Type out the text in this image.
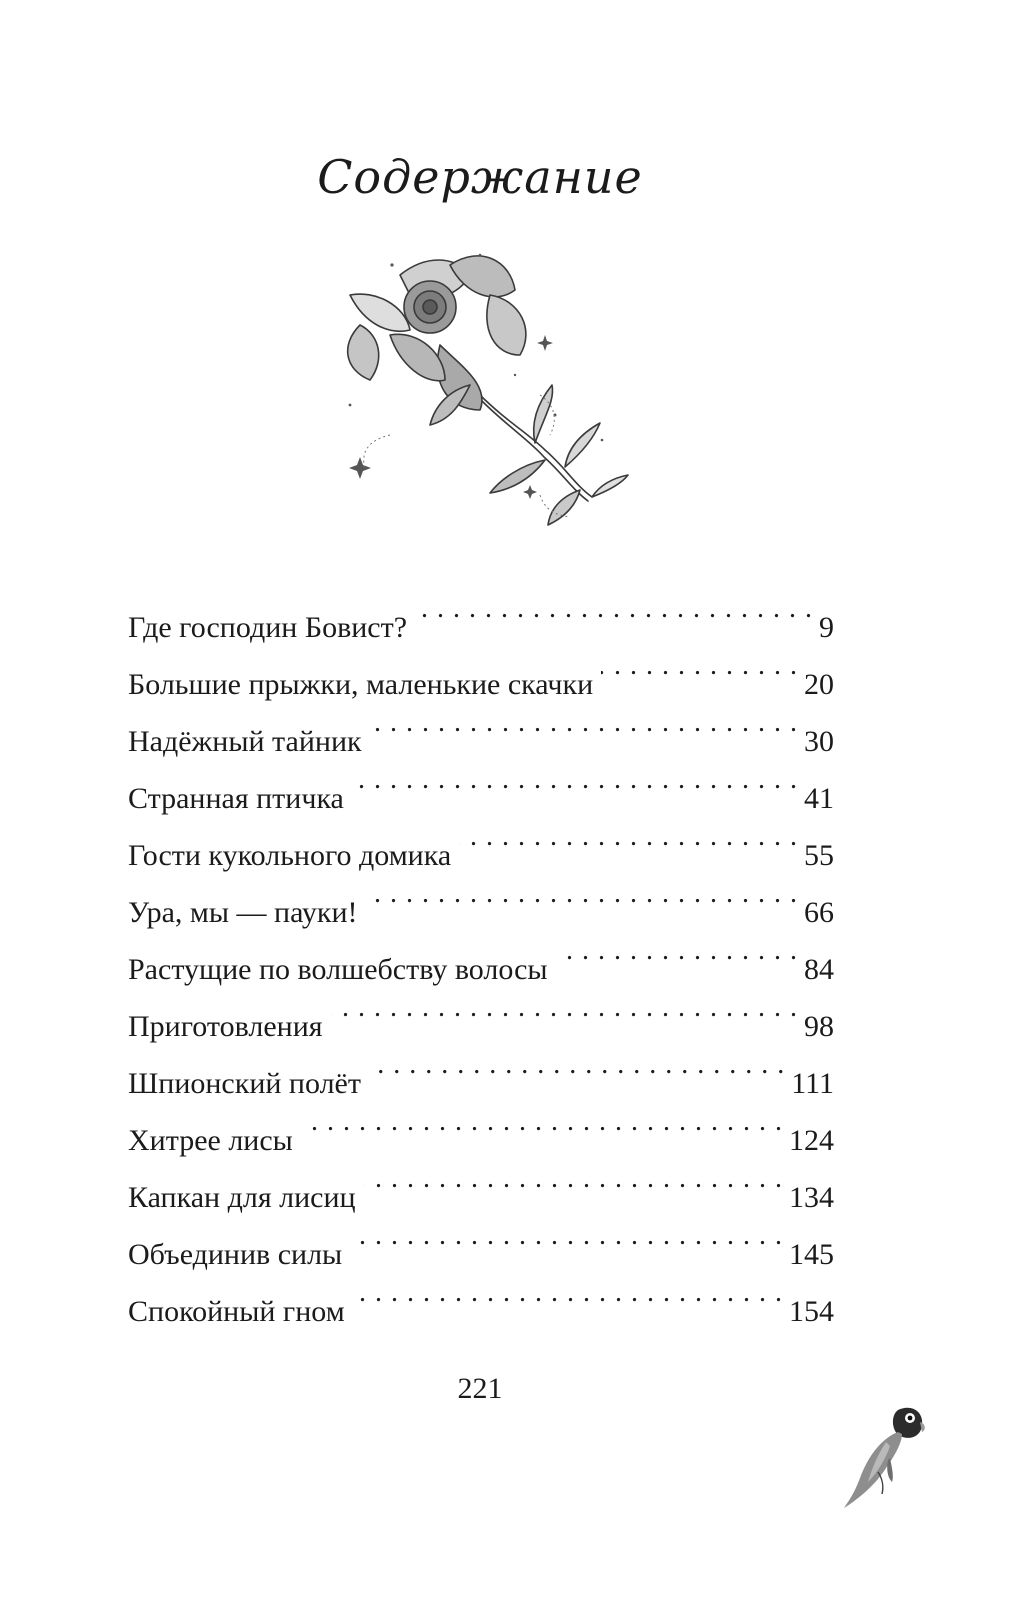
Содержание
Где господин Бовист? . . .	9
Большие прыжки, маленькие скачки . . .	20
Надёжный тайник . . .	30
Странная птичка . . .	41
Гости кукольного домика . . .	55
Ура, мы — пауки! . . .	66
Растущие по волшебству волосы . . .	84
Приготовления . . .	98
Шпионский полёт . . .	111
Хитрее лисы . . .	124
Капкан для лисиц . . .	134
Объединив силы . . .	145
Спокойный гном . . .	154
221
